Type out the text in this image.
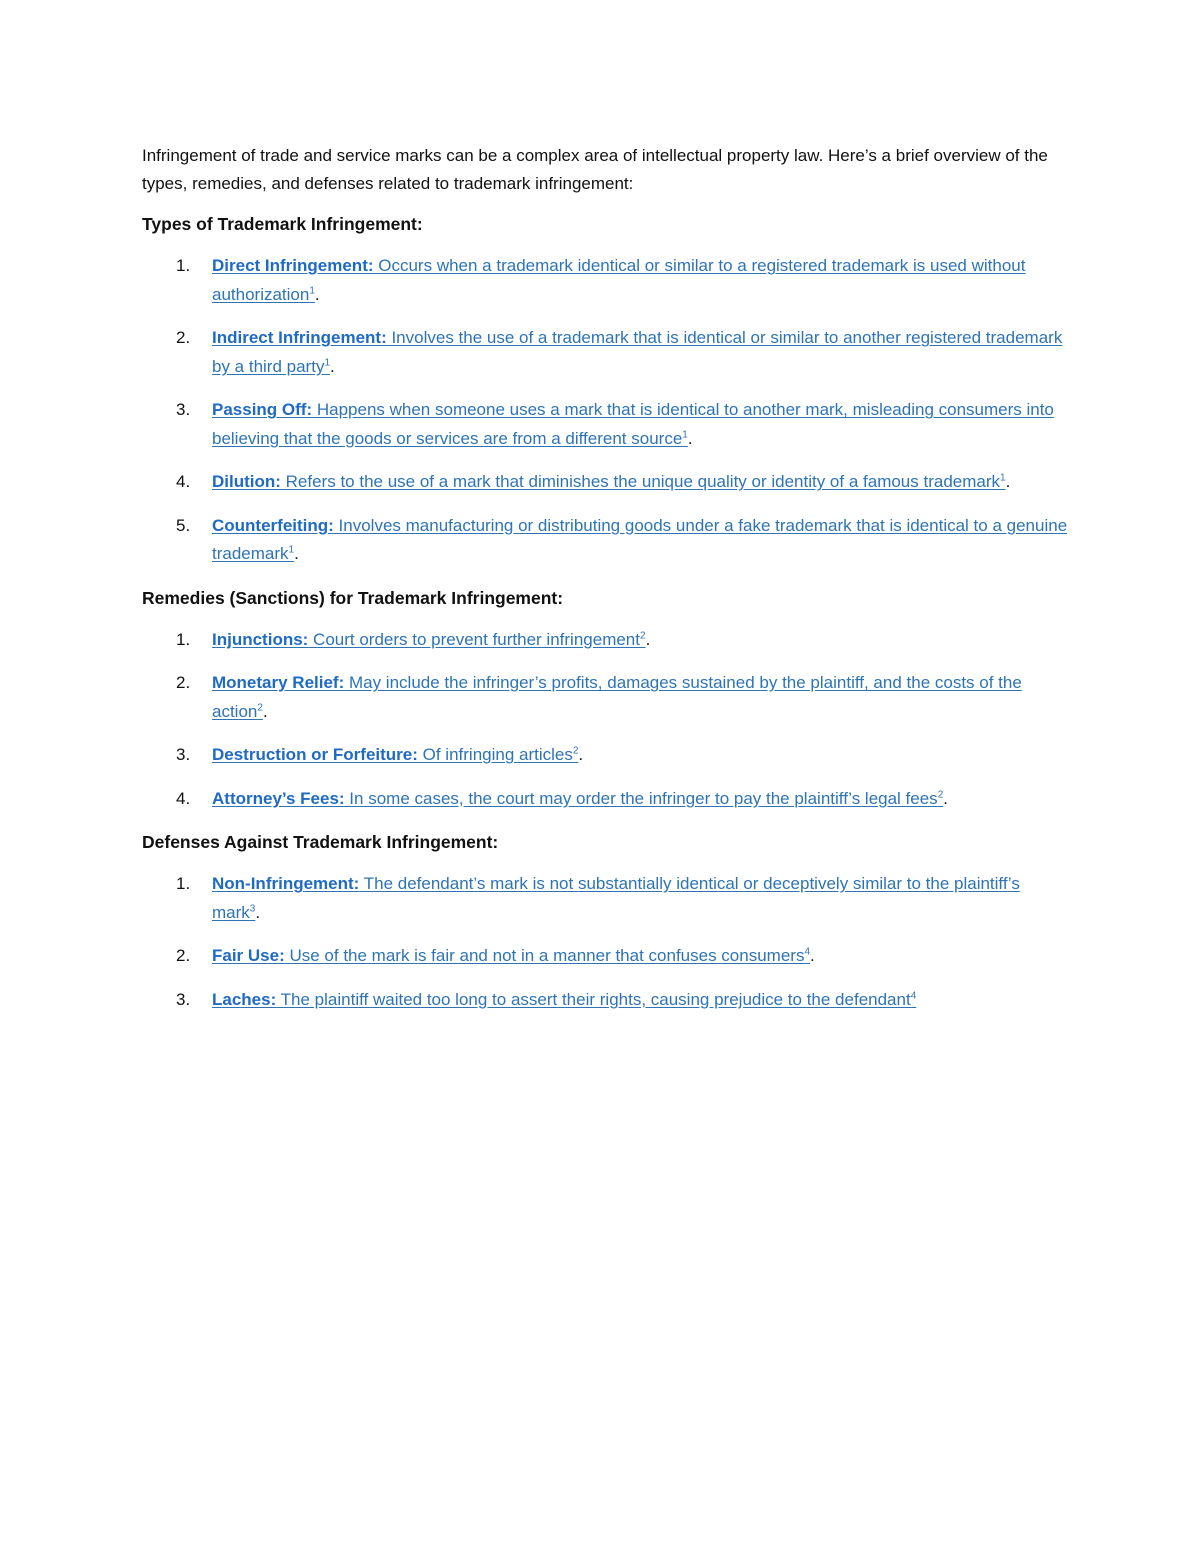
Infringement of trade and service marks can be a complex area of intellectual property law. Here’s a brief overview of the types, remedies, and defenses related to trademark infringement:

Types of Trademark Infringement:
1. Direct Infringement: Occurs when a trademark identical or similar to a registered trademark is used without authorization$^1$.
2. Indirect Infringement: Involves the use of a trademark that is identical or similar to another registered trademark by a third party$^1$.
3. Passing Off: Happens when someone uses a mark that is identical to another mark, misleading consumers into believing that the goods or services are from a different source$^1$.
4. Dilution: Refers to the use of a mark that diminishes the unique quality or identity of a famous trademark$^1$.
5. Counterfeiting: Involves manufacturing or distributing goods under a fake trademark that is identical to a genuine trademark$^1$.
Remedies (Sanctions) for Trademark Infringement:
1. Injunctions: Court orders to prevent further infringement$^2$.
2. Monetary Relief: May include the infringer’s profits, damages sustained by the plaintiff, and the costs of the action$^2$.
3. Destruction or Forfeiture: Of infringing articles$^2$.
4. Attorney’s Fees: In some cases, the court may order the infringer to pay the plaintiff’s legal fees$^2$.
Defenses Against Trademark Infringement:
1. Non-Infringement: The defendant’s mark is not substantially identical or deceptively similar to the plaintiff’s mark$^3$.
2. Fair Use: Use of the mark is fair and not in a manner that confuses consumers$^4$.
3. Laches: The plaintiff waited too long to assert their rights, causing prejudice to the defendant$^4$
